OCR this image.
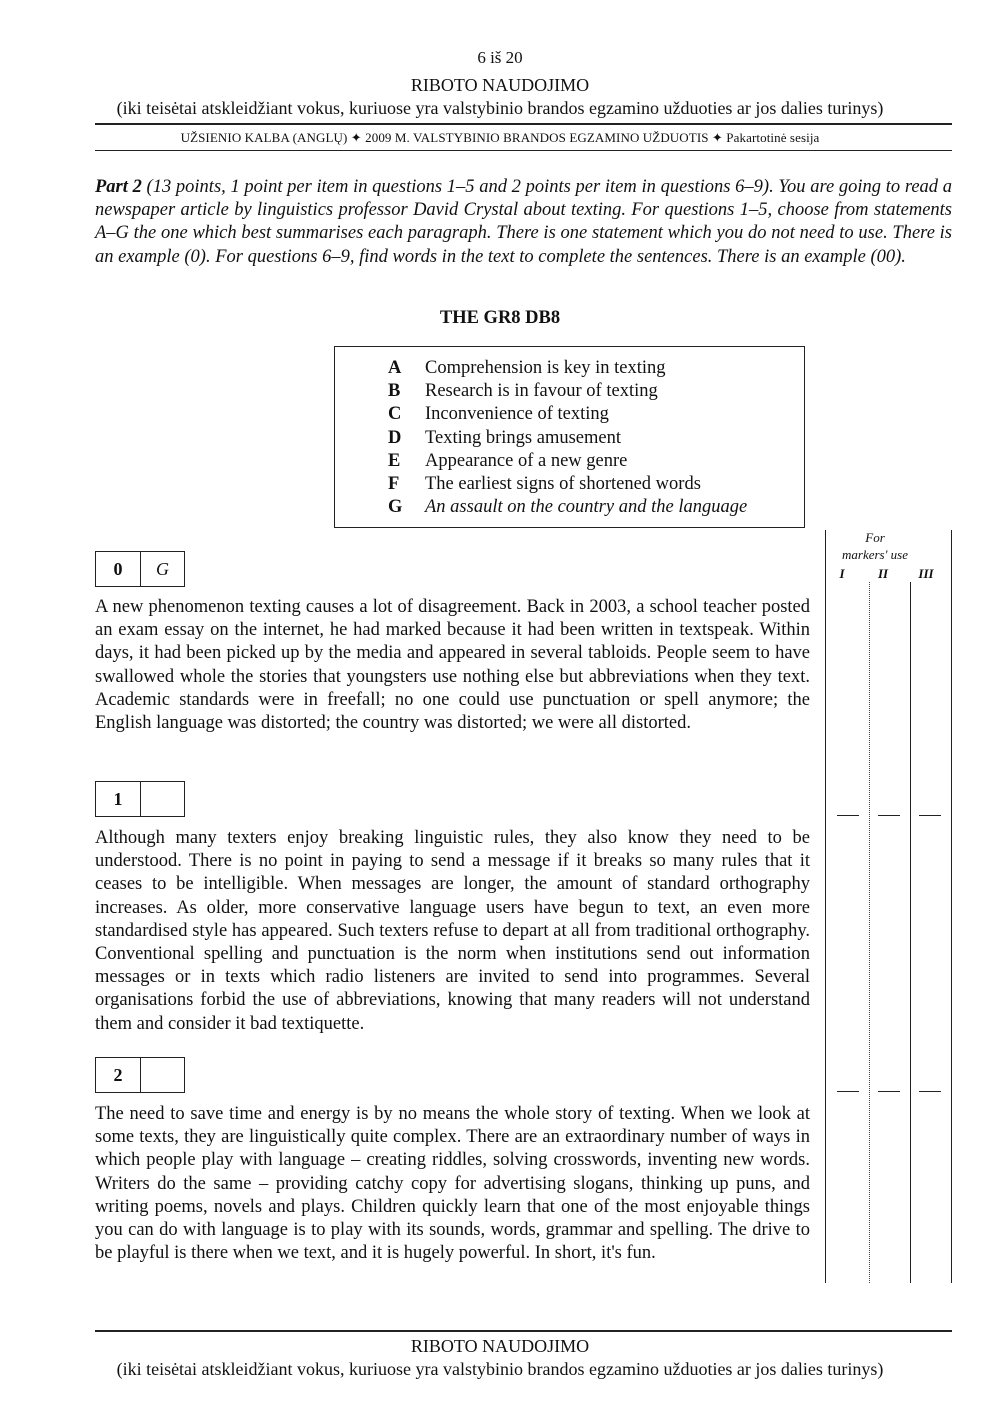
6 iš 20
RIBOTO NAUDOJIMO
(iki teisėtai atskleidžiant vokus, kuriuose yra valstybinio brandos egzamino užduoties ar jos dalies turinys)
UŽSIENIO KALBA (ANGLŲ) ✦ 2009 M. VALSTYBINIO BRANDOS EGZAMINO UŽDUOTIS ✦ Pakartotinė sesija
Part 2 (13 points, 1 point per item in questions 1–5 and 2 points per item in questions 6–9). You are going to read a newspaper article by linguistics professor David Crystal about texting. For questions 1–5, choose from statements A–G the one which best summarises each paragraph. There is one statement which you do not need to use. There is an example (0). For questions 6–9, find words in the text to complete the sentences. There is an example (00).
THE GR8 DB8
A Comprehension is key in texting
B Research is in favour of texting
C Inconvenience of texting
D Texting brings amusement
E Appearance of a new genre
F The earliest signs of shortened words
G An assault on the country and the language
For markers' use
I	II	III
0	G
A new phenomenon texting causes a lot of disagreement. Back in 2003, a school teacher posted an exam essay on the internet, he had marked because it had been written in textspeak. Within days, it had been picked up by the media and appeared in several tabloids. People seem to have swallowed whole the stories that youngsters use nothing else but abbreviations when they text. Academic standards were in freefall; no one could use punctuation or spell anymore; the English language was distorted; the country was distorted; we were all distorted.
1
Although many texters enjoy breaking linguistic rules, they also know they need to be understood. There is no point in paying to send a message if it breaks so many rules that it ceases to be intelligible. When messages are longer, the amount of standard orthography increases. As older, more conservative language users have begun to text, an even more standardised style has appeared. Such texters refuse to depart at all from traditional orthography. Conventional spelling and punctuation is the norm when institutions send out information messages or in texts which radio listeners are invited to send into programmes. Several organisations forbid the use of abbreviations, knowing that many readers will not understand them and consider it bad textiquette.
2
The need to save time and energy is by no means the whole story of texting. When we look at some texts, they are linguistically quite complex. There are an extraordinary number of ways in which people play with language – creating riddles, solving crosswords, inventing new words. Writers do the same – providing catchy copy for advertising slogans, thinking up puns, and writing poems, novels and plays. Children quickly learn that one of the most enjoyable things you can do with language is to play with its sounds, words, grammar and spelling. The drive to be playful is there when we text, and it is hugely powerful. In short, it's fun.
RIBOTO NAUDOJIMO
(iki teisėtai atskleidžiant vokus, kuriuose yra valstybinio brandos egzamino užduoties ar jos dalies turinys)
